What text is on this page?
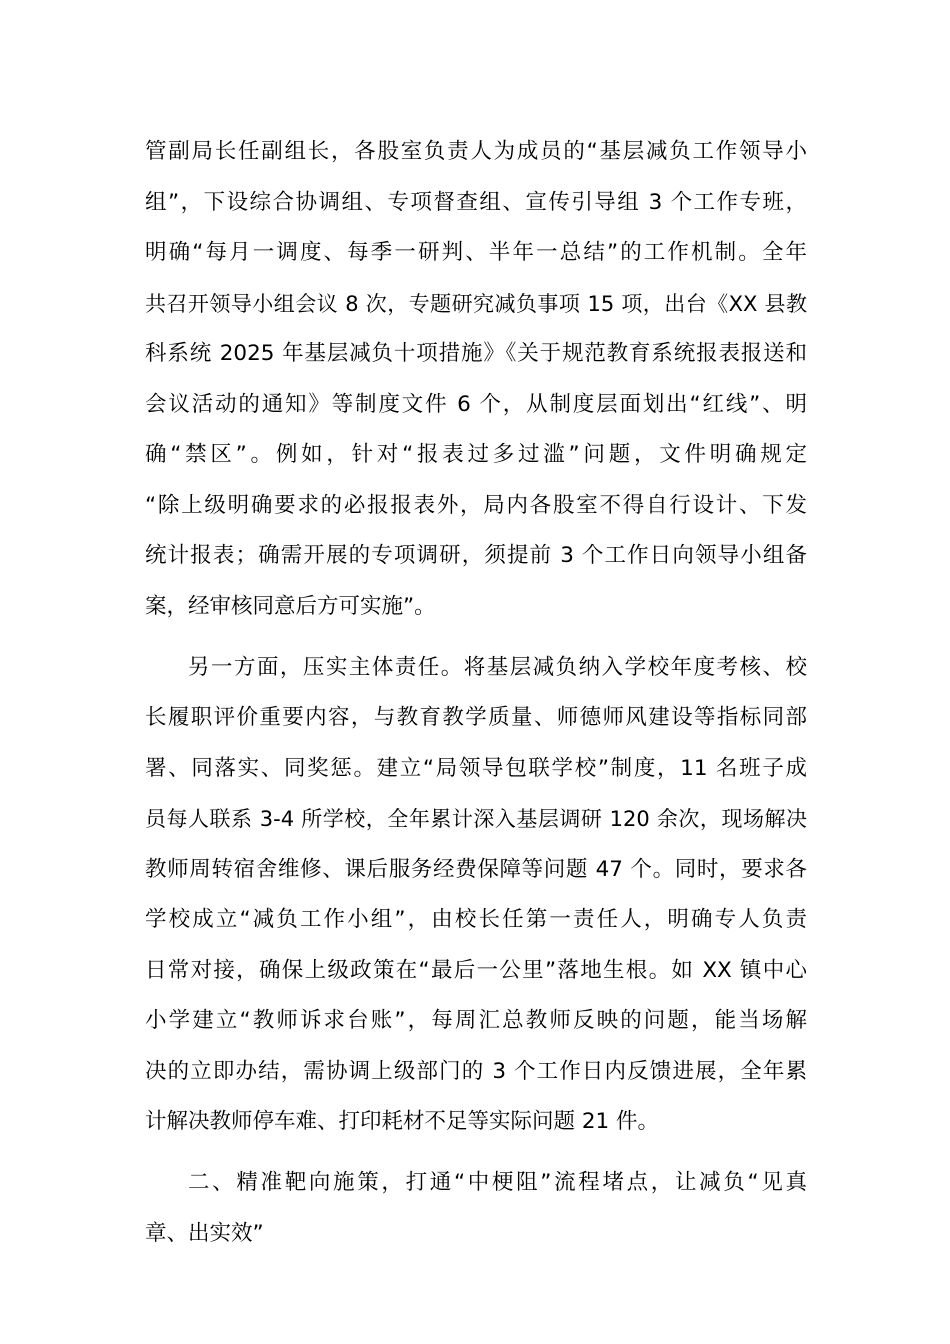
管副局长任副组长，各股室负责人为成员的“基层减负工作领导小
组”，下设综合协调组、专项督查组、宣传引导组 3 个工作专班，
明确“每月一调度、每季一研判、半年一总结”的工作机制。全年
共召开领导小组会议 8 次，专题研究减负事项 15 项，出台《XX 县教
科系统 2025 年基层减负十项措施》《关于规范教育系统报表报送和
会议活动的通知》等制度文件 6 个，从制度层面划出“红线”、明
确“禁区”。例如，针对“报表过多过滥”问题，文件明确规定
“除上级明确要求的必报报表外，局内各股室不得自行设计、下发
统计报表；确需开展的专项调研，须提前 3 个工作日向领导小组备
案，经审核同意后方可实施”。
另一方面，压实主体责任。将基层减负纳入学校年度考核、校
长履职评价重要内容，与教育教学质量、师德师风建设等指标同部
署、同落实、同奖惩。建立“局领导包联学校”制度，11 名班子成
员每人联系 3-4 所学校，全年累计深入基层调研 120 余次，现场解决
教师周转宿舍维修、课后服务经费保障等问题 47 个。同时，要求各
学校成立“减负工作小组”，由校长任第一责任人，明确专人负责
日常对接，确保上级政策在“最后一公里”落地生根。如 XX 镇中心
小学建立“教师诉求台账”，每周汇总教师反映的问题，能当场解
决的立即办结，需协调上级部门的 3 个工作日内反馈进展，全年累
计解决教师停车难、打印耗材不足等实际问题 21 件。
二、精准靶向施策，打通“中梗阻”流程堵点，让减负“见真
章、出实效”
